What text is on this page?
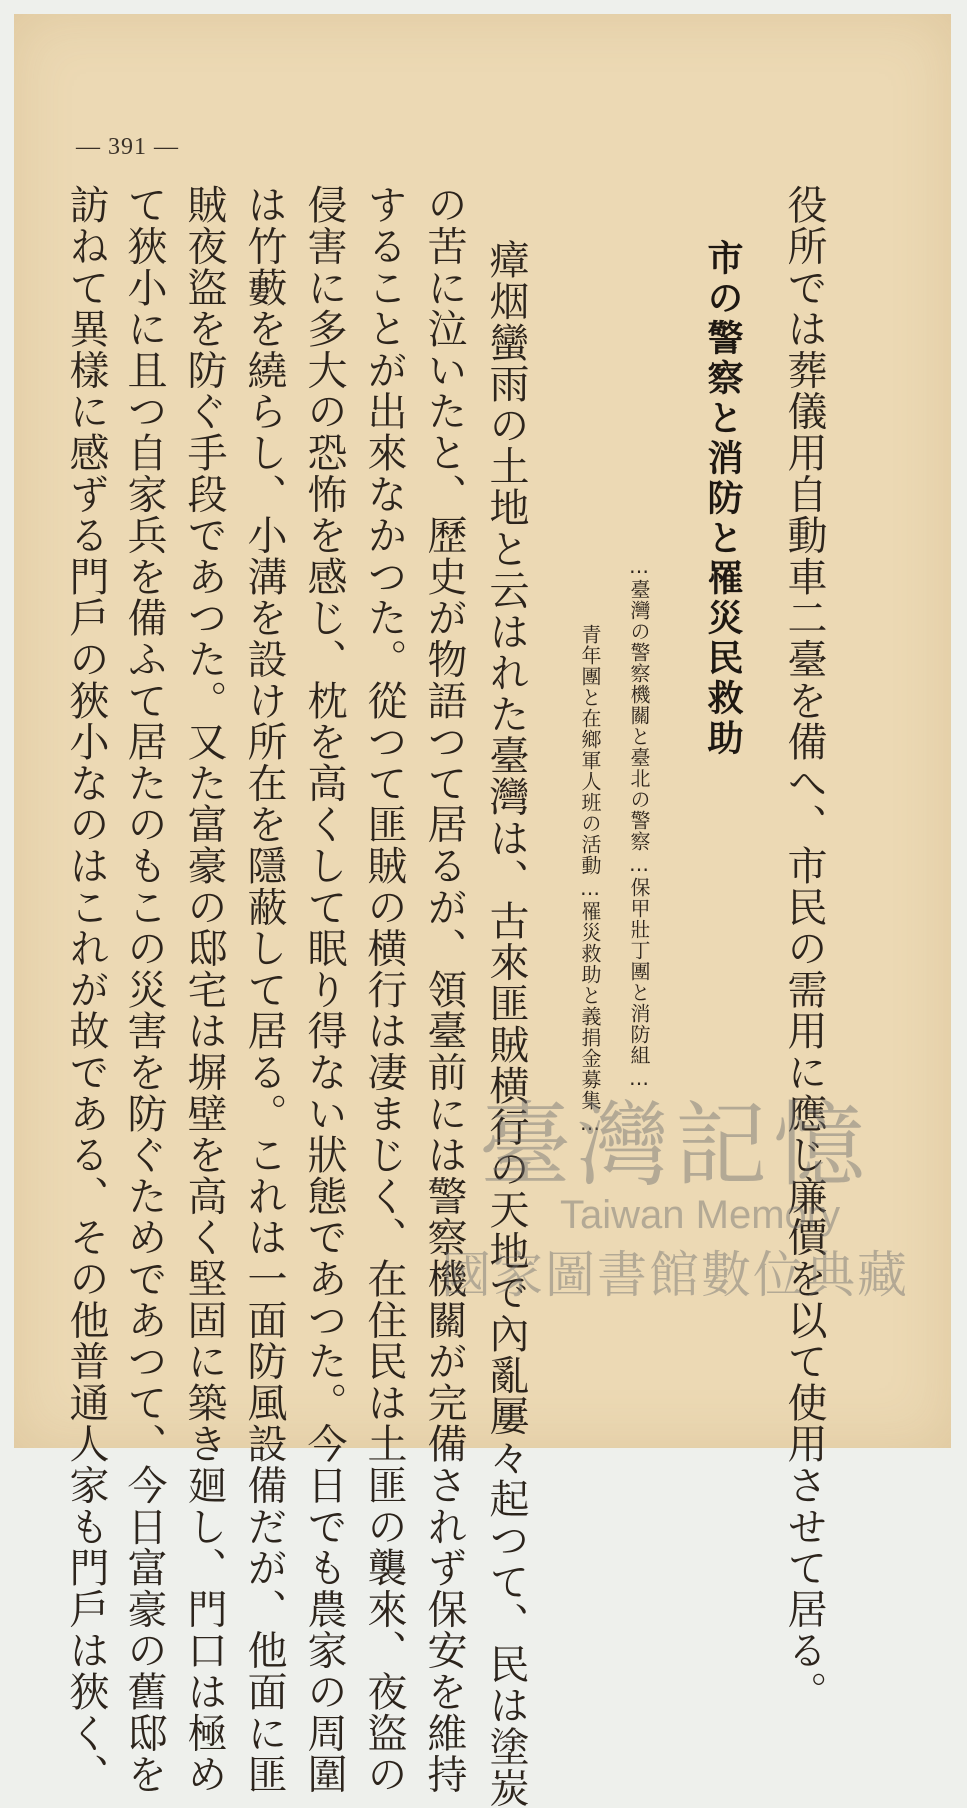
— 391 —
役所では葬儀用自動車二臺を備へ、市民の需用に應じ廉價を以て使用させて居る。
市の警察と消防と罹災民救助
…臺灣の警察機關と臺北の警察…保甲壯丁團と消防組…
青年團と在鄉軍人班の活動…罹災救助と義捐金募集…
瘴烟蠻雨の土地と云はれた臺灣は、古來匪賊横行の天地で內亂屢々起つて、民は塗炭
の苦に泣いたと、歷史が物語つて居るが、領臺前には警察機關が完備されず保安を維持
することが出來なかつた。從つて匪賊の横行は凄まじく、在住民は土匪の襲來、夜盜の
侵害に多大の恐怖を感じ、枕を高くして眠り得ない狀態であつた。今日でも農家の周圍
は竹藪を繞らし、小溝を設け所在を隱蔽して居る。これは一面防風設備だが、他面に匪
賊夜盜を防ぐ手段であつた。又た富豪の邸宅は塀壁を高く堅固に築き廻し、門口は極め
て狹小に且つ自家兵を備ふて居たのもこの災害を防ぐためであつて、今日富豪の舊邸を
訪ねて異樣に感ずる門戶の狹小なのはこれが故である、その他普通人家も門戶は狹く、	臺灣記憶
Taiwan Memory
國家圖書館數位典藏
